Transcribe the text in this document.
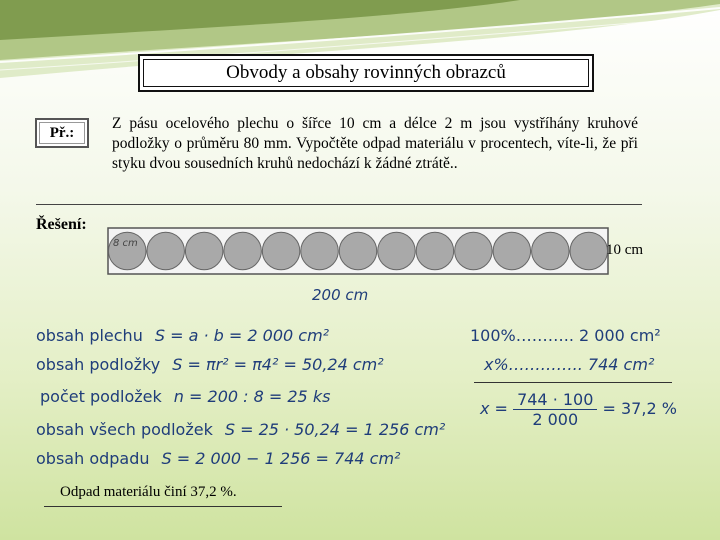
Obvody a obsahy rovinných obrazců
Př.:
Z pásu ocelového plechu o šířce 10 cm a délce 2 m jsou vystříhány kruhové podložky o průměru 80 mm. Vypočtěte odpad materiálu v procentech, víte-li, že při styku dvou sousedních kruhů nedochází k žádné ztrátě..
Řešení:
8 cm	10 cm
200 cm
obsah plechu S = a · b = 2 000 cm²
obsah podložky S = πr² = π4² = 50,24 cm²
počet podložek n = 200 : 8 = 25 ks
obsah všech podložek S = 25 · 50,24 = 1 256 cm²
obsah odpadu S = 2 000 − 1 256 = 744 cm²
100%……….. 2 000 cm²
x%………….. 744 cm²
$x = \frac{744 \cdot 100}{2 000} = 37,2$ %
Odpad materiálu činí 37,2 %.
